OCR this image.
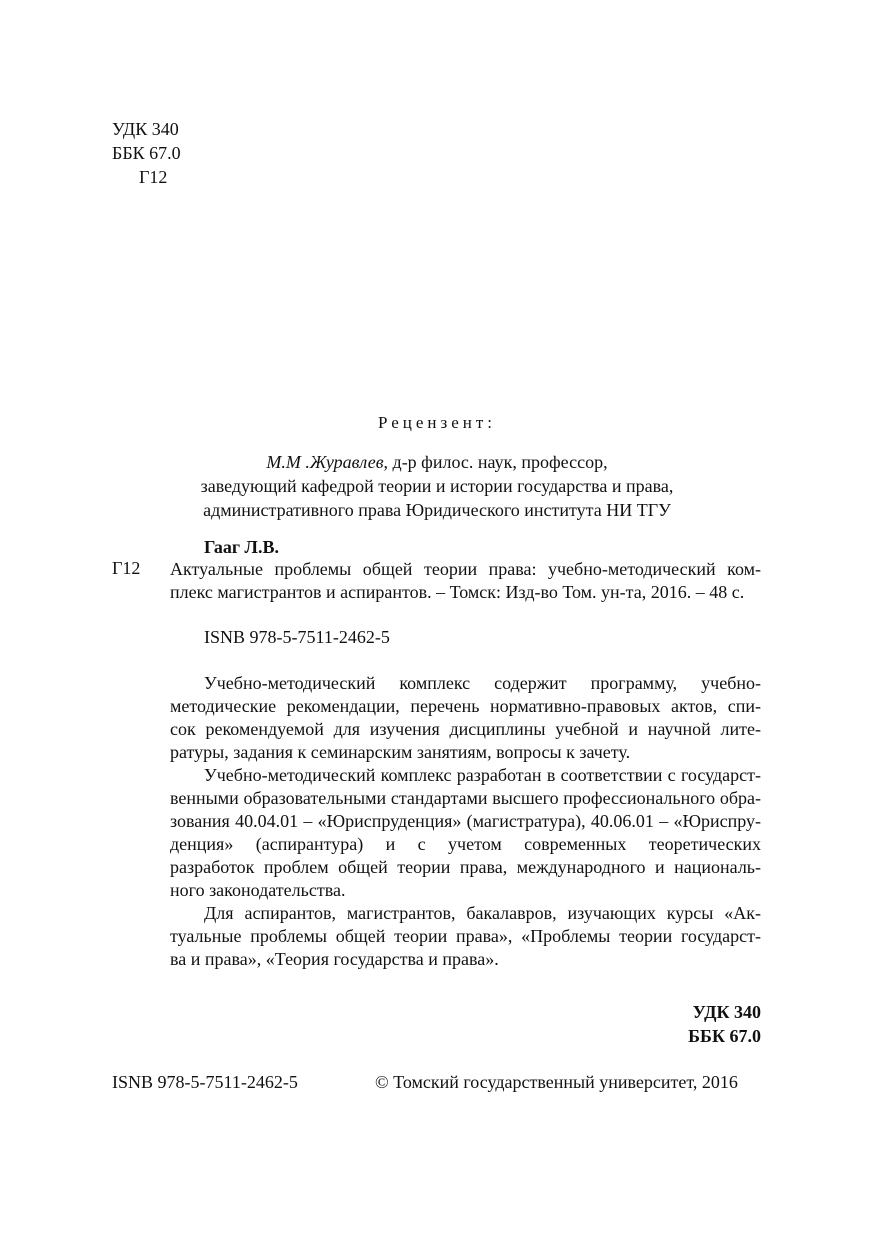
УДК 340
ББК 67.0
Г12
Рецензент:
М.М .Журавлев, д-р филос. наук, профессор,
заведующий кафедрой теории и истории государства и права,
административного права Юридического института НИ ТГУ
Гааг Л.В.
Г12 Актуальные проблемы общей теории права: учебно-методический ком-
плекс магистрантов и аспирантов. – Томск: Изд-во Том. ун-та, 2016. – 48 с.
ISNB 978-5-7511-2462-5
Учебно-методический комплекс содержит программу, учебно-
методические рекомендации, перечень нормативно-правовых актов, спи-
сок рекомендуемой для изучения дисциплины учебной и научной лите-
ратуры, задания к семинарским занятиям, вопросы к зачету.
Учебно-методический комплекс разработан в соответствии с государст-
венными образовательными стандартами высшего профессионального обра-
зования 40.04.01 – «Юриспруденция» (магистратура), 40.06.01 – «Юриспру-
денция» (аспирантура) и с учетом современных теоретических
разработок проблем общей теории права, международного и националь-
ного законодательства.
Для аспирантов, магистрантов, бакалавров, изучающих курсы «Ак-
туальные проблемы общей теории права», «Проблемы теории государст-
ва и права», «Теория государства и права».
УДК 340
ББК 67.0
ISNB 978-5-7511-2462-5	© Томский государственный университет, 2016
